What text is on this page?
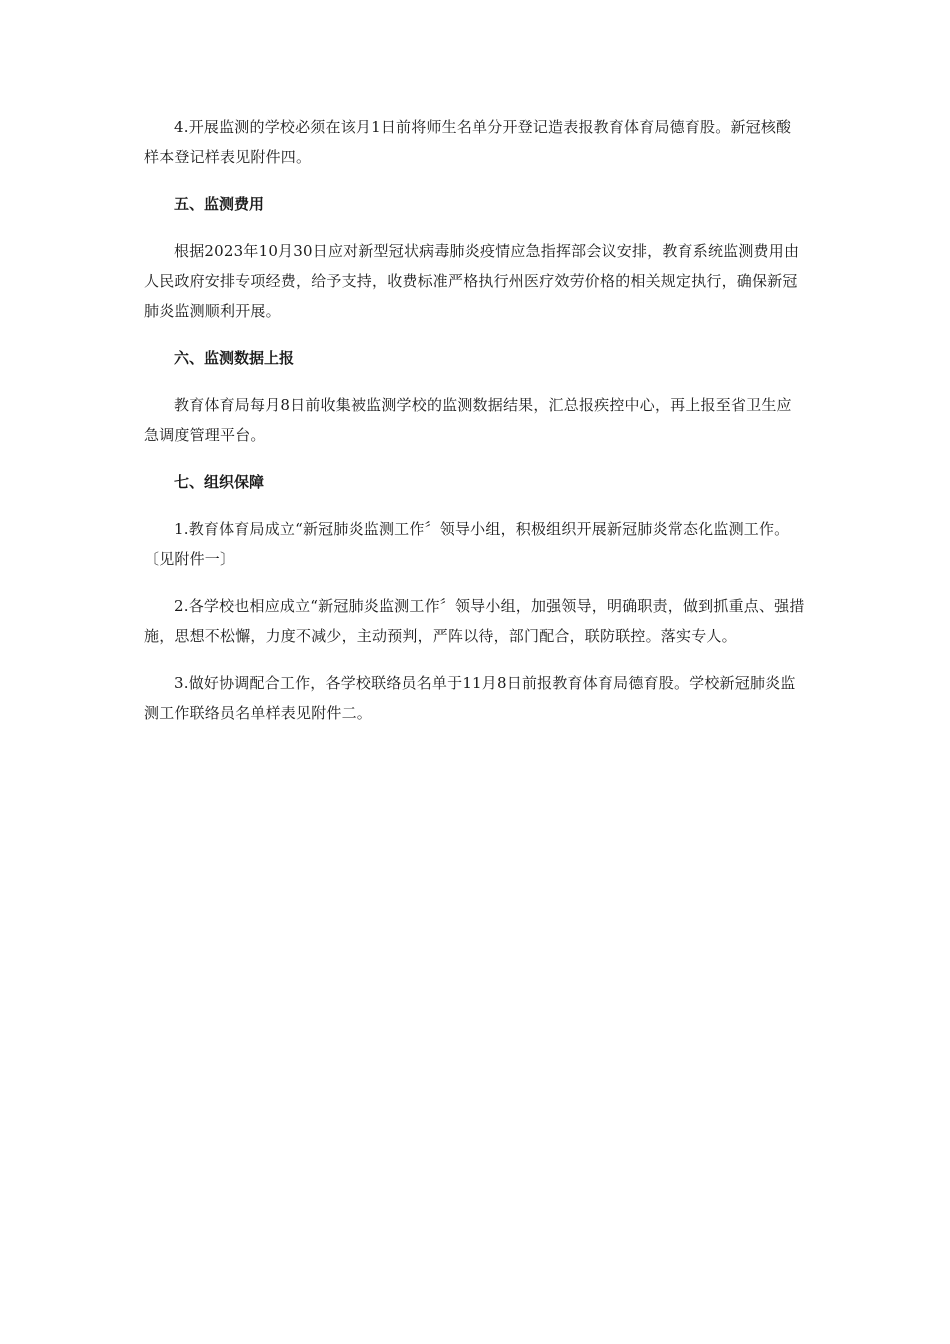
4.开展监测的学校必须在该月1日前将师生名单分开登记造表报教育体育局德育股。新冠核酸样本登记样表见附件四。

五、监测费用

根据2023年10月30日应对新型冠状病毒肺炎疫情应急指挥部会议安排，教育系统监测费用由人民政府安排专项经费，给予支持，收费标准严格执行州医疗效劳价格的相关规定执行，确保新冠肺炎监测顺利开展。

六、监测数据上报

教育体育局每月8日前收集被监测学校的监测数据结果，汇总报疾控中心，再上报至省卫生应急调度管理平台。

七、组织保障

1.教育体育局成立“新冠肺炎监测工作〞领导小组，积极组织开展新冠肺炎常态化监测工作。〔见附件一〕

2.各学校也相应成立“新冠肺炎监测工作〞领导小组，加强领导，明确职责，做到抓重点、强措施，思想不松懈，力度不减少，主动预判，严阵以待，部门配合，联防联控。落实专人。

3.做好协调配合工作，各学校联络员名单于11月8日前报教育体育局德育股。学校新冠肺炎监测工作联络员名单样表见附件二。
